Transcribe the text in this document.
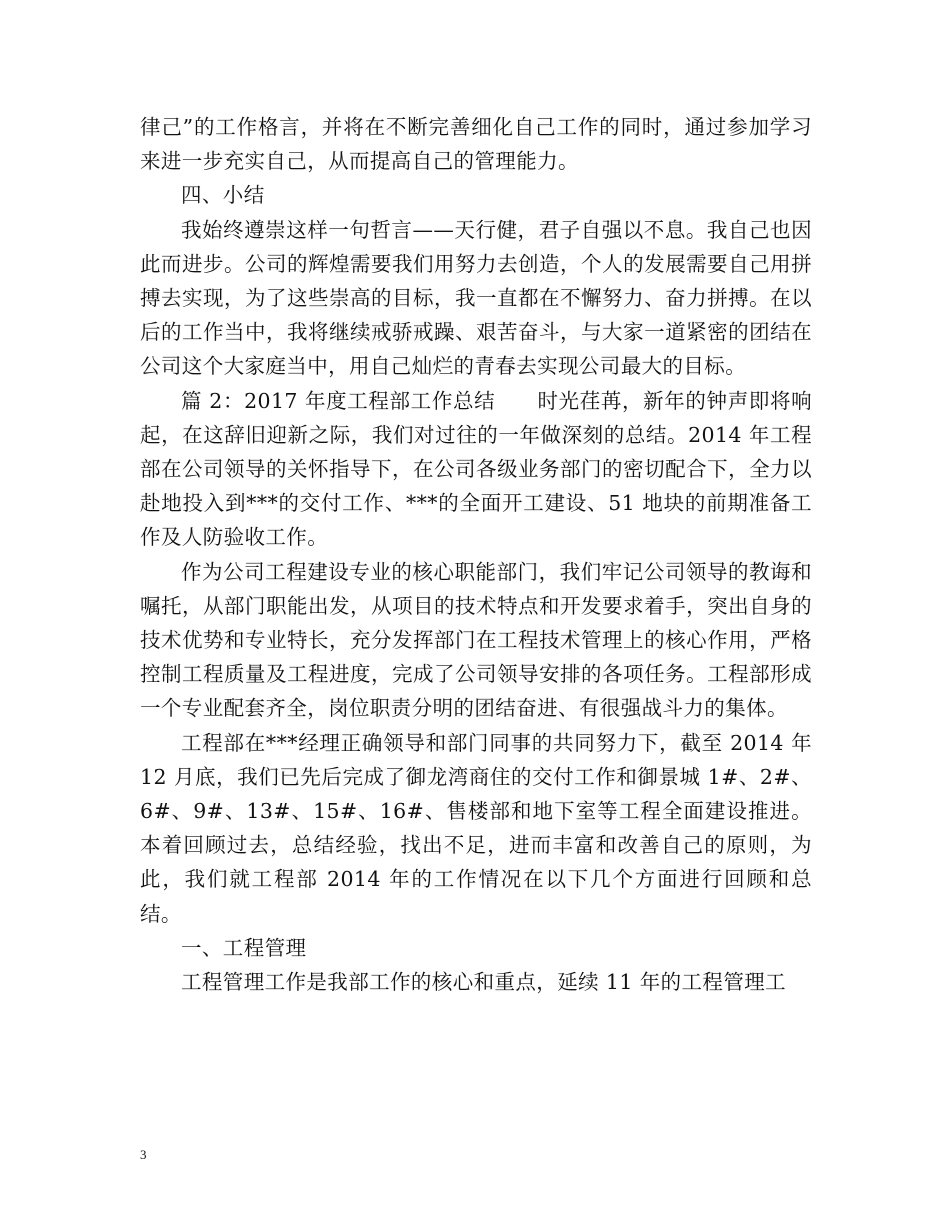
律己”的工作格言，并将在不断完善细化自己工作的同时，通过参加学习来进一步充实自己，从而提高自己的管理能力。

四、小结

我始终遵崇这样一句哲言——天行健，君子自强以不息。我自己也因此而进步。公司的辉煌需要我们用努力去创造，个人的发展需要自己用拼搏去实现，为了这些崇高的目标，我一直都在不懈努力、奋力拼搏。在以后的工作当中，我将继续戒骄戒躁、艰苦奋斗，与大家一道紧密的团结在公司这个大家庭当中，用自己灿烂的青春去实现公司最大的目标。

篇 2：2017 年度工程部工作总结　　时光荏苒，新年的钟声即将响起，在这辞旧迎新之际，我们对过往的一年做深刻的总结。2014 年工程部在公司领导的关怀指导下，在公司各级业务部门的密切配合下，全力以赴地投入到***的交付工作、***的全面开工建设、51 地块的前期准备工作及人防验收工作。

作为公司工程建设专业的核心职能部门，我们牢记公司领导的教诲和嘱托，从部门职能出发，从项目的技术特点和开发要求着手，突出自身的技术优势和专业特长，充分发挥部门在工程技术管理上的核心作用，严格控制工程质量及工程进度，完成了公司领导安排的各项任务。工程部形成一个专业配套齐全，岗位职责分明的团结奋进、有很强战斗力的集体。

工程部在***经理正确领导和部门同事的共同努力下，截至 2014 年 12 月底，我们已先后完成了御龙湾商住的交付工作和御景城 1#、2#、6#、9#、13#、15#、16#、售楼部和地下室等工程全面建设推进。本着回顾过去，总结经验，找出不足，进而丰富和改善自己的原则，为此，我们就工程部 2014 年的工作情况在以下几个方面进行回顾和总结。

一、工程管理

工程管理工作是我部工作的核心和重点，延续 11 年的工程管理工

3
